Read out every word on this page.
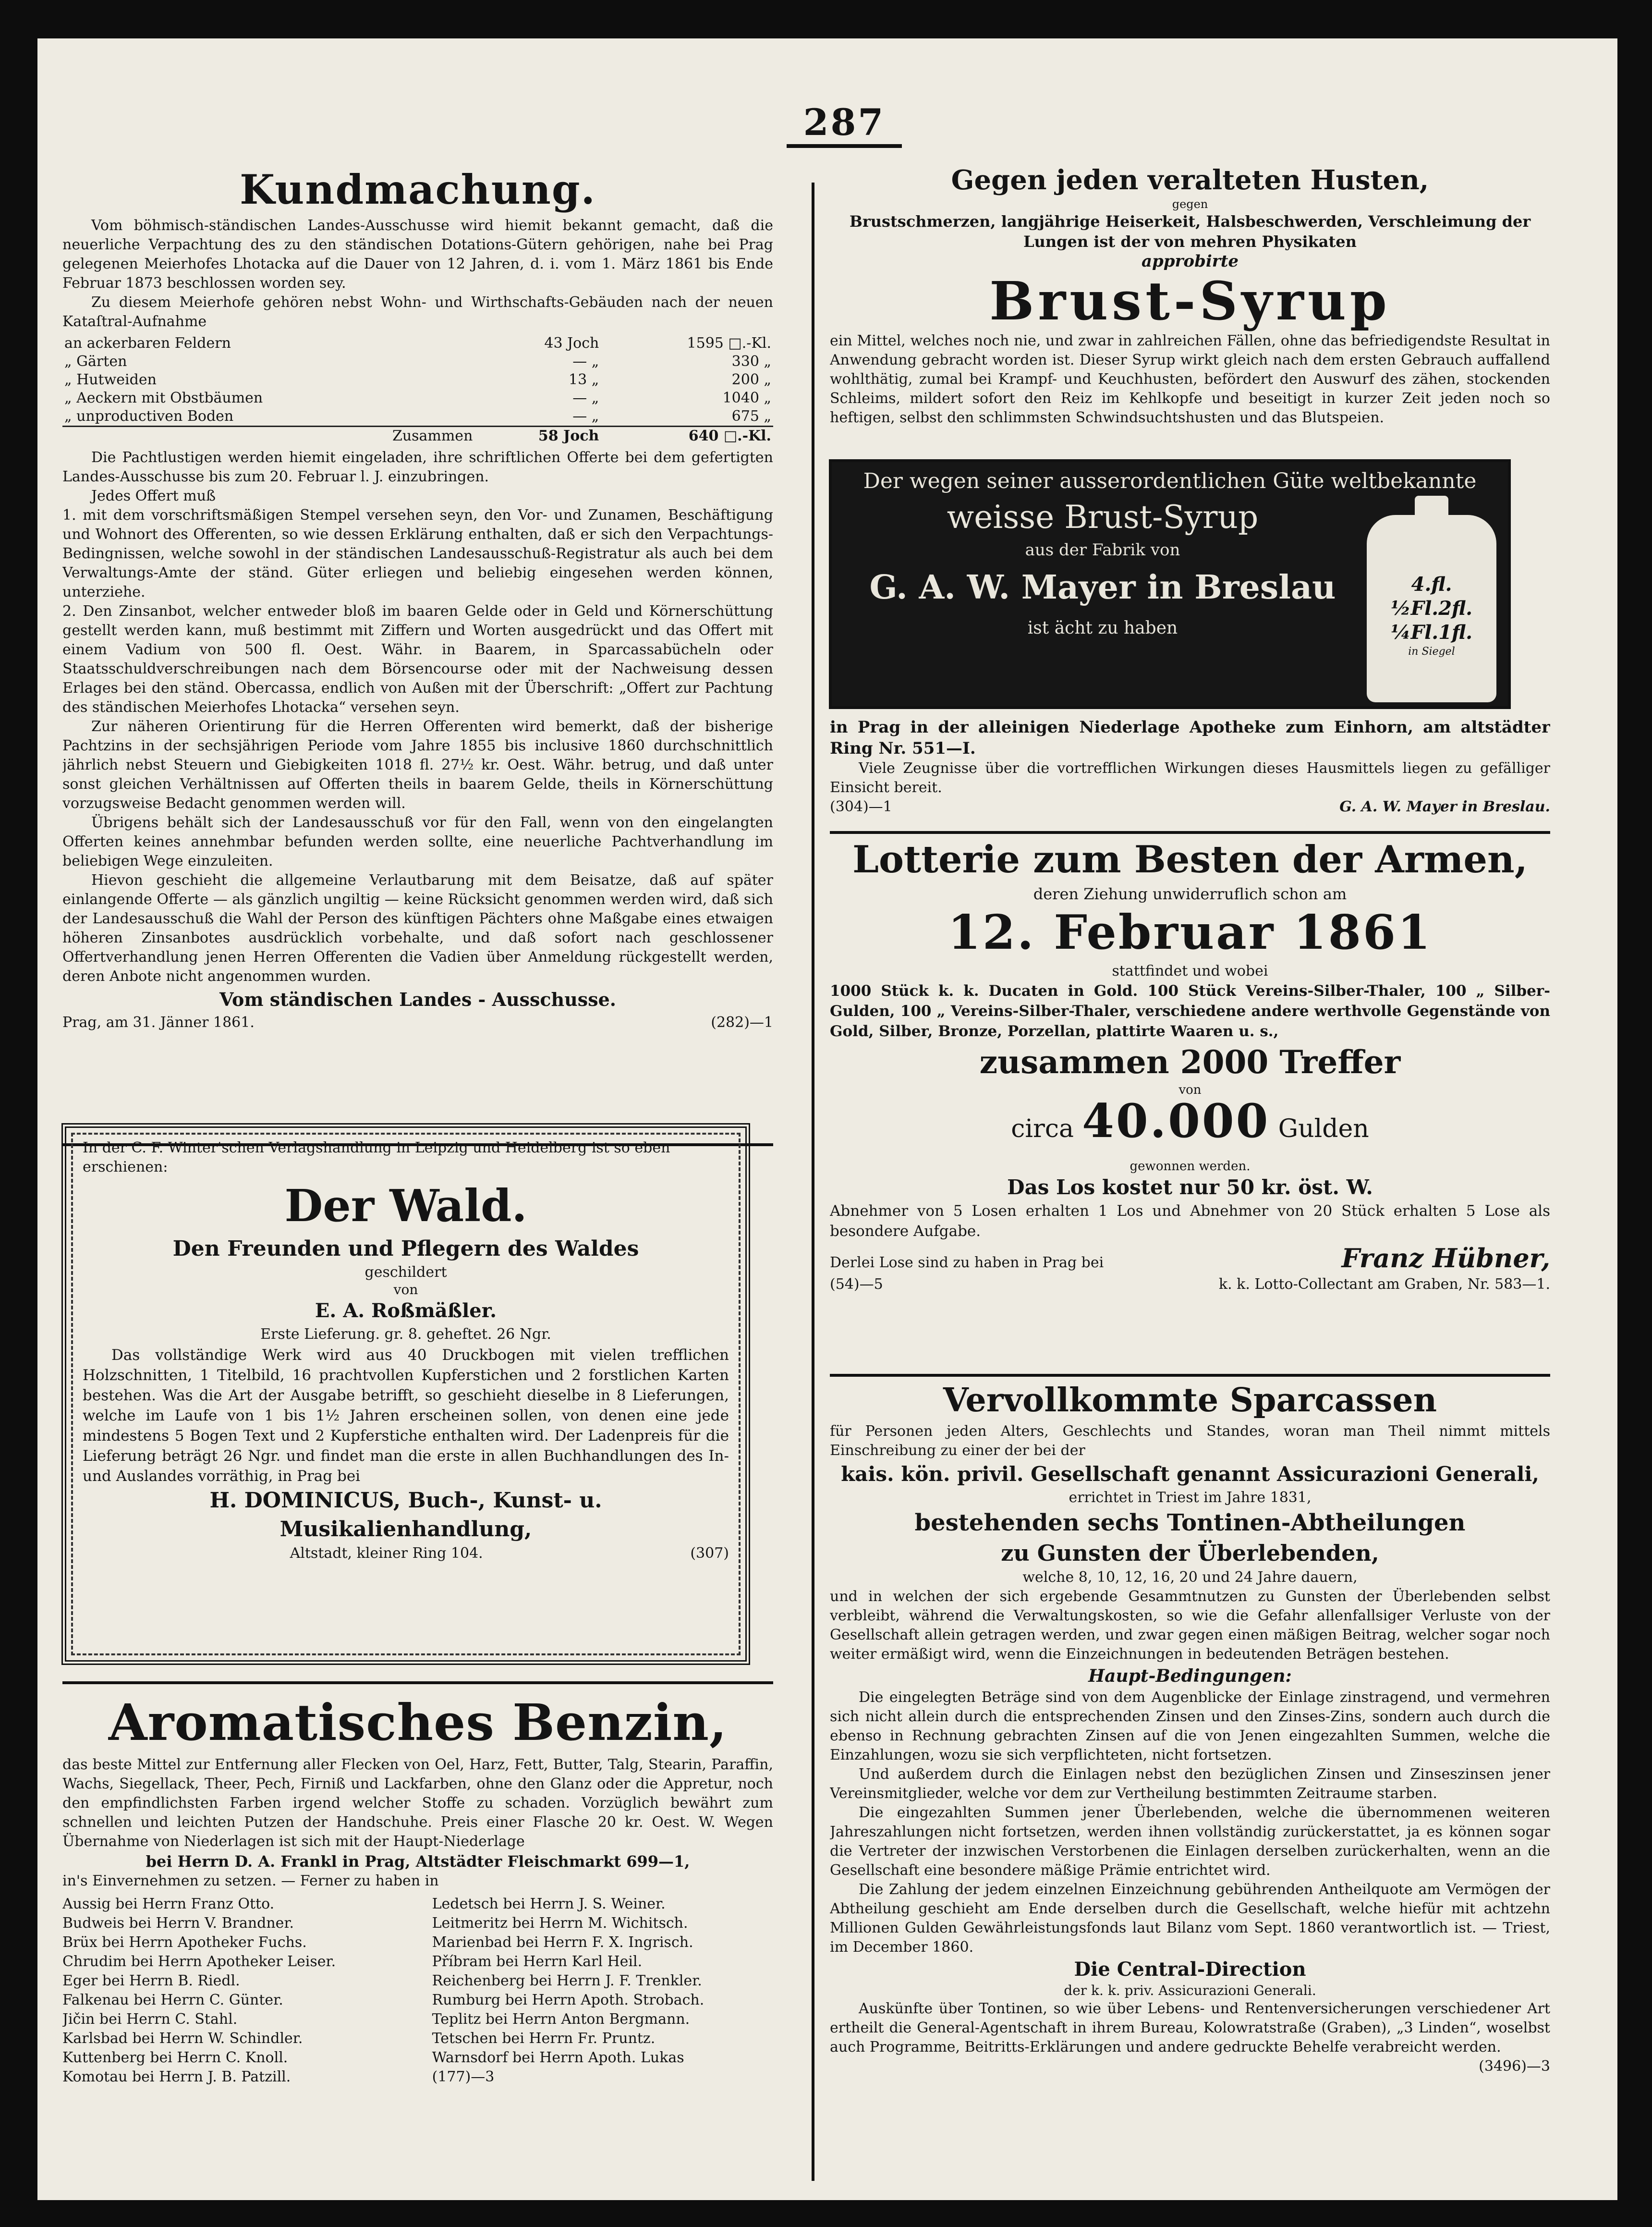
287
Kundmachung.

Vom böhmisch-ständischen Landes-Ausschusse wird hiemit bekannt gemacht, daß die neuerliche Verpachtung des zu den ständischen Dotations-Gütern gehörigen, nahe bei Prag gelegenen Meierhofes Lhotacka auf die Dauer von 12 Jahren, d. i. vom 1. März 1861 bis Ende Februar 1873 beschlossen worden sey.

Zu diesem Meierhofe gehören nebst Wohn- und Wirthschafts-Gebäuden nach der neuen Kataſtral-Aufnahme

an ackerbaren Feldern	43 Joch	1595 □.-Kl.
„ Gärten	— „	330 „
„ Hutweiden	13 „	200 „
„ Aeckern mit Obstbäumen	— „	1040 „
„ unproductiven Boden	— „	675 „
Zusammen	58 Joch	640 □.-Kl.

Die Pachtlustigen werden hiemit eingeladen, ihre schriftlichen Offerte bei dem gefertigten Landes-Ausschusse bis zum 20. Februar l. J. einzubringen.

Jedes Offert muß

1. mit dem vorschriftsmäßigen Stempel versehen seyn, den Vor- und Zunamen, Beschäftigung und Wohnort des Offerenten, so wie dessen Erklärung enthalten, daß er sich den Verpachtungs-Bedingnissen, welche sowohl in der ständischen Landesausschuß-Registratur als auch bei dem Verwaltungs-Amte der ständ. Güter erliegen und beliebig eingesehen werden können, unterziehe.

2. Den Zinsanbot, welcher entweder bloß im baaren Gelde oder in Geld und Körnerschüttung gestellt werden kann, muß bestimmt mit Ziffern und Worten ausgedrückt und das Offert mit einem Vadium von 500 fl. Oest. Währ. in Baarem, in Sparcassabücheln oder Staatsschuldverschreibungen nach dem Börsencourse oder mit der Nachweisung dessen Erlages bei den ständ. Obercassa, endlich von Außen mit der Überschrift: „Offert zur Pachtung des ständischen Meierhofes Lhotacka“ versehen seyn.

Zur näheren Orientirung für die Herren Offerenten wird bemerkt, daß der bisherige Pachtzins in der sechsjährigen Periode vom Jahre 1855 bis inclusive 1860 durchschnittlich jährlich nebst Steuern und Giebigkeiten 1018 fl. 27½ kr. Oest. Währ. betrug, und daß unter sonst gleichen Verhältnissen auf Offerten theils in baarem Gelde, theils in Körnerschüttung vorzugsweise Bedacht genommen werden will.

Übrigens behält sich der Landesausschuß vor für den Fall, wenn von den eingelangten Offerten keines annehmbar befunden werden sollte, eine neuerliche Pachtverhandlung im beliebigen Wege einzuleiten.

Hievon geschieht die allgemeine Verlautbarung mit dem Beisatze, daß auf später einlangende Offerte — als gänzlich ungiltig — keine Rücksicht genommen werden wird, daß sich der Landesausschuß die Wahl der Person des künftigen Pächters ohne Maßgabe eines etwaigen höheren Zinsanbotes ausdrücklich vorbehalte, und daß sofort nach geschlossener Offertverhandlung jenen Herren Offerenten die Vadien über Anmeldung rückgestellt werden, deren Anbote nicht angenommen wurden.

Vom ständischen Landes - Ausschusse.
Prag, am 31. Jänner 1861.	(282)—1

In der C. F. Winter'schen Verlagshandlung in Leipzig und Heidelberg ist so eben erschienen:

Der Wald.
Den Freunden und Pflegern des Waldes
geschildert
von
E. A. Roßmäßler.
Erste Lieferung. gr. 8. geheftet. 26 Ngr.

Das vollständige Werk wird aus 40 Druckbogen mit vielen trefflichen Holzschnitten, 1 Titelbild, 16 prachtvollen Kupferstichen und 2 forstlichen Karten bestehen. Was die Art der Ausgabe betrifft, so geschieht dieselbe in 8 Lieferungen, welche im Laufe von 1 bis 1½ Jahren erscheinen sollen, von denen eine jede mindestens 5 Bogen Text und 2 Kupferstiche enthalten wird. Der Ladenpreis für die Lieferung beträgt 26 Ngr. und findet man die erste in allen Buchhandlungen des In- und Auslandes vorräthig, in Prag bei

H. DOMINICUS, Buch-, Kunst- u. Musikalienhandlung,
Altstadt, kleiner Ring 104.	(307)
Aromatisches Benzin,

das beste Mittel zur Entfernung aller Flecken von Oel, Harz, Fett, Butter, Talg, Stearin, Paraffin, Wachs, Siegellack, Theer, Pech, Firniß und Lackfarben, ohne den Glanz oder die Appretur, noch den empfindlichsten Farben irgend welcher Stoffe zu schaden. Vorzüglich bewährt zum schnellen und leichten Putzen der Handschuhe. Preis einer Flasche 20 kr. Oest. W. Wegen Übernahme von Niederlagen ist sich mit der Haupt-Niederlage

bei Herrn D. A. Frankl in Prag, Altstädter Fleischmarkt 699—1,

in's Einvernehmen zu setzen. — Ferner zu haben in

Aussig bei Herrn Franz Otto.

Budweis bei Herrn V. Brandner.

Brüx bei Herrn Apotheker Fuchs.

Chrudim bei Herrn Apotheker Leiser.

Eger bei Herrn B. Riedl.

Falkenau bei Herrn C. Günter.

Jičin bei Herrn C. Stahl.

Karlsbad bei Herrn W. Schindler.

Kuttenberg bei Herrn C. Knoll.

Komotau bei Herrn J. B. Patzill.

Ledetsch bei Herrn J. S. Weiner.

Leitmeritz bei Herrn M. Wichitsch.

Marienbad bei Herrn F. X. Ingrisch.

Příbram bei Herrn Karl Heil.

Reichenberg bei Herrn J. F. Trenkler.

Rumburg bei Herrn Apoth. Strobach.

Teplitz bei Herrn Anton Bergmann.

Tetschen bei Herrn Fr. Pruntz.

Warnsdorf bei Herrn Apoth. Lukas

(177)—3

Gegen jeden veralteten Husten,
gegen

Brustschmerzen, langjährige Heiserkeit, Halsbeschwerden, Verschleimung der Lungen ist der von mehren Physikaten

approbirte
Brust-Syrup

ein Mittel, welches noch nie, und zwar in zahlreichen Fällen, ohne das befriedigendste Resultat in Anwendung gebracht worden ist. Dieser Syrup wirkt gleich nach dem ersten Gebrauch auffallend wohlthätig, zumal bei Krampf- und Keuchhusten, befördert den Auswurf des zähen, stockenden Schleims, mildert sofort den Reiz im Kehlkopfe und beseitigt in kurzer Zeit jeden noch so heftigen, selbst den schlimmsten Schwindsuchtshusten und das Blutspeien.

Der wegen seiner ausserordentlichen Güte weltbekannte
weisse Brust-Syrup
aus der Fabrik von
G. A. W. Mayer in Breslau
ist ächt zu haben
4.fl.
½Fl.2fl.
¼Fl.1fl.
in Siegel

in Prag in der alleinigen Niederlage Apotheke zum Einhorn, am altstädter Ring Nr. 551—I.

Viele Zeugnisse über die vortrefflichen Wirkungen dieses Hausmittels liegen zu gefälliger Einsicht bereit.

(304)—1	G. A. W. Mayer in Breslau.
Lotterie zum Besten der Armen,
deren Ziehung unwiderruflich schon am
12. Februar 1861
stattfindet und wobei

1000 Stück k. k. Ducaten in Gold. 100 Stück Vereins-Silber-Thaler, 100 „ Silber-Gulden, 100 „ Vereins-Silber-Thaler, verschiedene andere werthvolle Gegenstände von Gold, Silber, Bronze, Porzellan, plattirte Waaren u. s.,

zusammen 2000 Treffer
von
circa 40.000 Gulden
gewonnen werden.
Das Los kostet nur 50 kr. öst. W.

Abnehmer von 5 Losen erhalten 1 Los und Abnehmer von 20 Stück erhalten 5 Lose als besondere Aufgabe.

Derlei Lose sind zu haben in Prag bei	Franz Hübner,
(54)—5	k. k. Lotto-Collectant am Graben, Nr. 583—1.
Vervollkommte Sparcassen

für Personen jeden Alters, Geschlechts und Standes, woran man Theil nimmt mittels Einschreibung zu einer der bei der

kais. kön. privil. Gesellschaft genannt Assicurazioni Generali,
errichtet in Triest im Jahre 1831,
bestehenden sechs Tontinen-Abtheilungen
zu Gunsten der Überlebenden,
welche 8, 10, 12, 16, 20 und 24 Jahre dauern,

und in welchen der sich ergebende Gesammtnutzen zu Gunsten der Überlebenden selbst verbleibt, während die Verwaltungskosten, so wie die Gefahr allenfallsiger Verluste von der Gesellschaft allein getragen werden, und zwar gegen einen mäßigen Beitrag, welcher sogar noch weiter ermäßigt wird, wenn die Einzeichnungen in bedeutenden Beträgen bestehen.

Haupt-Bedingungen:

Die eingelegten Beträge sind von dem Augenblicke der Einlage zinstragend, und vermehren sich nicht allein durch die entsprechenden Zinsen und den Zinses-Zins, sondern auch durch die ebenso in Rechnung gebrachten Zinsen auf die von Jenen eingezahlten Summen, welche die Einzahlungen, wozu sie sich verpflichteten, nicht fortsetzen.

Und außerdem durch die Einlagen nebst den bezüglichen Zinsen und Zinseszinsen jener Vereinsmitglieder, welche vor dem zur Vertheilung bestimmten Zeitraume starben.

Die eingezahlten Summen jener Überlebenden, welche die übernommenen weiteren Jahreszahlungen nicht fortsetzen, werden ihnen vollständig zurückerstattet, ja es können sogar die Vertreter der inzwischen Verstorbenen die Einlagen derselben zurückerhalten, wenn an die Gesellschaft eine besondere mäßige Prämie entrichtet wird.

Die Zahlung der jedem einzelnen Einzeichnung gebührenden Antheilquote am Vermögen der Abtheilung geschieht am Ende derselben durch die Gesellschaft, welche hiefür mit achtzehn Millionen Gulden Gewährleistungsfonds laut Bilanz vom Sept. 1860 verantwortlich ist. — Triest, im December 1860.

Die Central-Direction
der k. k. priv. Assicurazioni Generali.

Auskünfte über Tontinen, so wie über Lebens- und Rentenversicherungen verschiedener Art ertheilt die General-Agentschaft in ihrem Bureau, Kolowratstraße (Graben), „3 Linden“, woselbst auch Programme, Beitritts-Erklärungen und andere gedruckte Behelfe verabreicht werden.

(3496)—3
